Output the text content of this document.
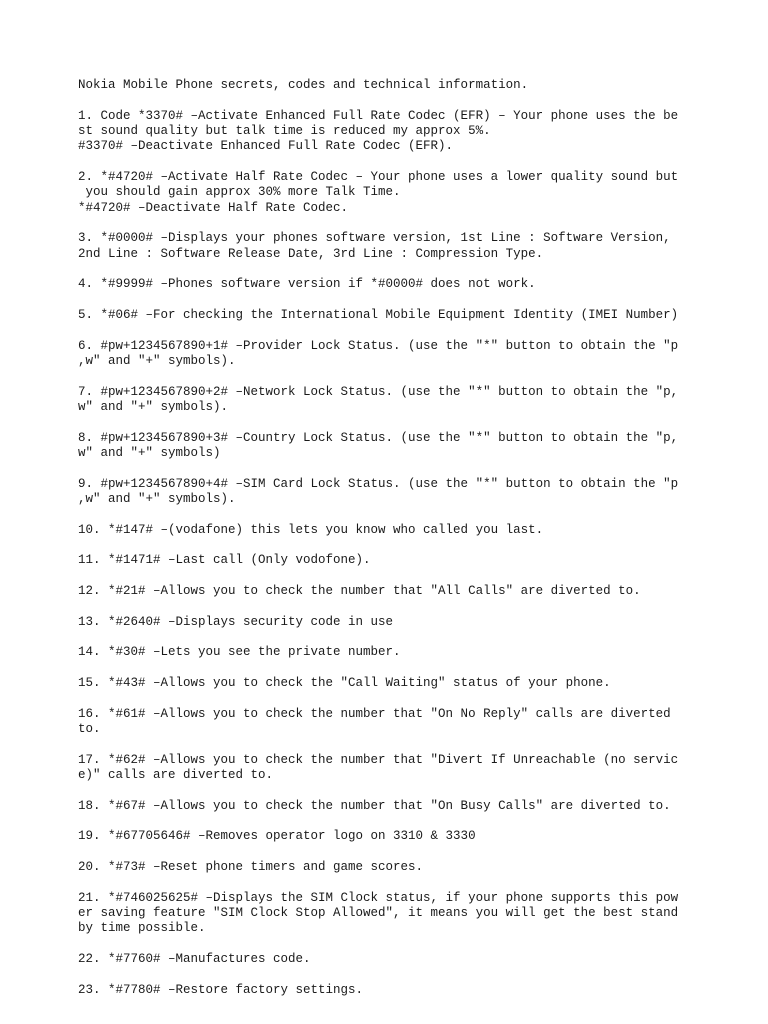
Nokia Mobile Phone secrets, codes and technical information.

1. Code *3370# –Activate Enhanced Full Rate Codec (EFR) – Your phone uses the be
st sound quality but talk time is reduced my approx 5%.
#3370# –Deactivate Enhanced Full Rate Codec (EFR).
2. *#4720# –Activate Half Rate Codec – Your phone uses a lower quality sound but
you should gain approx 30% more Talk Time.
*#4720# –Deactivate Half Rate Codec.
3. *#0000# –Displays your phones software version, 1st Line : Software Version,
2nd Line : Software Release Date, 3rd Line : Compression Type.
4. *#9999# –Phones software version if *#0000# does not work.
5. *#06# –For checking the International Mobile Equipment Identity (IMEI Number)
6. #pw+1234567890+1# –Provider Lock Status. (use the "*" button to obtain the "p
,w" and "+" symbols).
7. #pw+1234567890+2# –Network Lock Status. (use the "*" button to obtain the "p,
w" and "+" symbols).
8. #pw+1234567890+3# –Country Lock Status. (use the "*" button to obtain the "p,
w" and "+" symbols)
9. #pw+1234567890+4# –SIM Card Lock Status. (use the "*" button to obtain the "p
,w" and "+" symbols).
10. *#147# –(vodafone) this lets you know who called you last.
11. *#1471# –Last call (Only vodofone).
12. *#21# –Allows you to check the number that "All Calls" are diverted to.
13. *#2640# –Displays security code in use
14. *#30# –Lets you see the private number.
15. *#43# –Allows you to check the "Call Waiting" status of your phone.
16. *#61# –Allows you to check the number that "On No Reply" calls are diverted
to.
17. *#62# –Allows you to check the number that "Divert If Unreachable (no servic
e)" calls are diverted to.
18. *#67# –Allows you to check the number that "On Busy Calls" are diverted to.
19. *#67705646# –Removes operator logo on 3310 & 3330
20. *#73# –Reset phone timers and game scores.
21. *#746025625# –Displays the SIM Clock status, if your phone supports this pow
er saving feature "SIM Clock Stop Allowed", it means you will get the best stand
by time possible.
22. *#7760# –Manufactures code.
23. *#7780# –Restore factory settings.
